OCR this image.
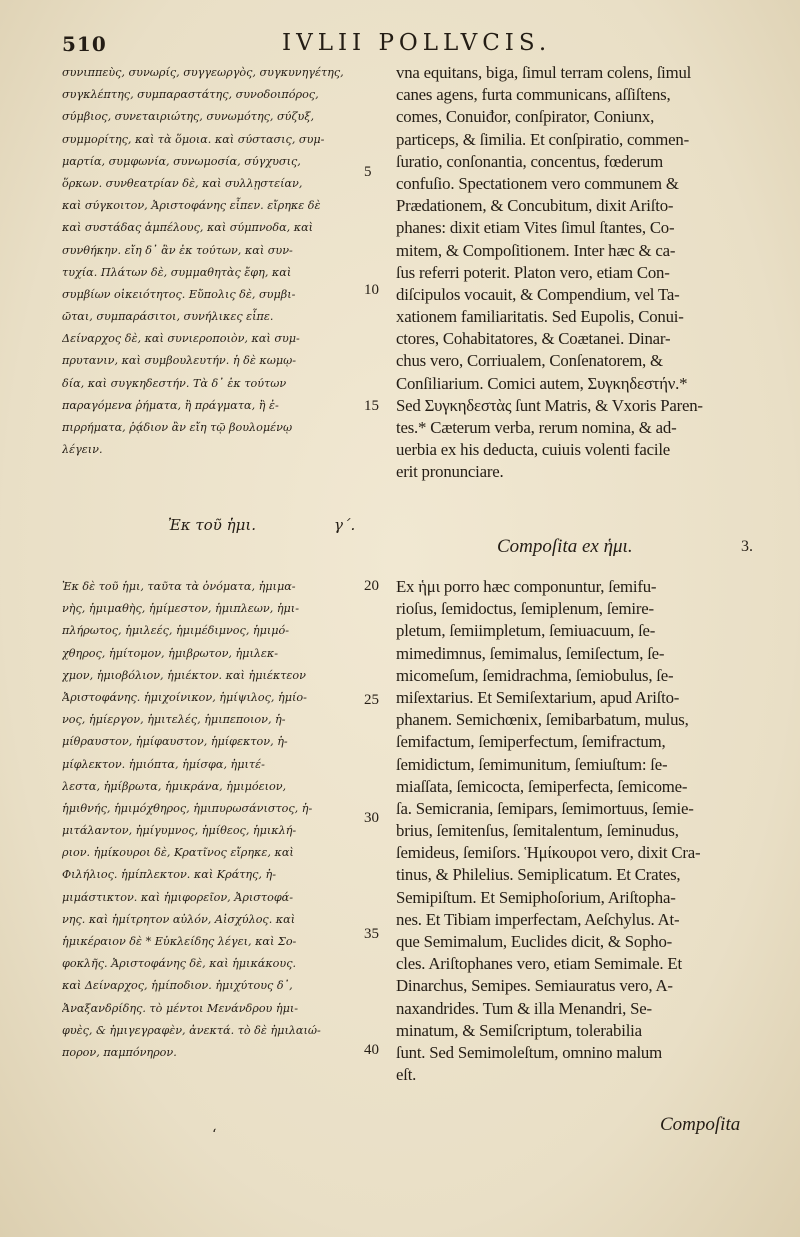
510	IVLII POLLVCIS.
συνιππεὺς, συνωρίς, συγγεωργὸς, συγκυνηγέτης,
συγκλέπτης, συμπαραστάτης, συνοδοιπόρος,
σύμβιος, συνεταιριώτης, συνωμότης, σύζυξ,
συμμορίτης, καὶ τὰ ὅμοια. καὶ σύστασις, συμ-
μαρτία, συμφωνία, συνωμοσία, σύγχυσις,
ὅρκων. συνθεατρίαν δὲ, καὶ συλλῃστείαν,
καὶ σύγκοιτον, Ἀριστοφάνης εἶπεν. εἴρηκε δὲ
καὶ συστάδας ἀμπέλους, καὶ σύμπνοδα, καὶ
συνθήκην. εἴη δ᾽ ἂν ἐκ τούτων, καὶ συν-
τυχία. Πλάτων δὲ, συμμαθητὰς ἔφη, καὶ
συμβίων οἰκειότητος. Εὔπολις δὲ, συμβι-
ῶται, συμπαράσιτοι, συνήλικες εἶπε.
Δείναρχος δὲ, καὶ συνιεροποιὸν, καὶ συμ-
πρυτανιν, καὶ συμβουλευτήν. ἡ δὲ κωμῳ-
δία, καὶ συγκηδεστήν. Τὰ δ᾽ ἐκ τούτων
παραγόμενα ῥήματα, ἢ πράγματα, ἢ ἐ-
πιρρήματα, ῥᾴδιον ἂν εἴη τῷ βουλομένῳ
λέγειν.
vna equitans, biga, ſimul terram colens, ſimul
canes agens, furta communicans, aſſiſtens,
comes, Conuiđor, conſpirator, Coniunx,
particeps, & ſimilia. Et conſpiratio, commen-
ſuratio, conſonantia, concentus, fœderum
confuſio. Spectationem vero communem &
Prædationem, & Concubitum, dixit Ariſto-
phanes: dixit etiam Vites ſimul ſtantes, Co-
mitem, & Compoſitionem. Inter hæc & ca-
ſus referri poterit. Platon vero, etiam Con-
diſcipulos vocauit, & Compendium, vel Ta-
xationem familiaritatis. Sed Eupolis, Conui-
ctores, Cohabitatores, & Coætanei. Dinar-
chus vero, Corriualem, Conſenatorem, &
Conſiliarium. Comici autem, Συγκηδεστήν.*
Sed Συγκηδεστὰς ſunt Matris, & Vxoris Paren-
tes.* Cæterum verba, rerum nomina, & ad-
uerbia ex his deducta, cuiuis volenti facile
erit pronunciare.
5
10
15
20
25
30
35
40
Ἐκ τοῦ ἡμι.	γ´.
Compoſita ex ἡμι.	3.
Ἐκ δὲ τοῦ ἡμι, ταῦτα τὰ ὀνόματα, ἡμιμα-
νὴς, ἡμιμαθὴς, ἡμίμεστον, ἡμιπλεων, ἡμι-
πλήρωτος, ἡμιλεές, ἡμιμέδιμνος, ἡμιμό-
χθηρος, ἡμίτομον, ἡμιβρωτον, ἡμιλεκ-
χμον, ἡμιοβόλιον, ἡμιέκτον. καὶ ἡμιέκτεον
Ἀριστοφάνης. ἡμιχοίνικον, ἡμίψιλος, ἡμίο-
νος, ἡμίεργον, ἡμιτελές, ἡμιπεποιον, ἡ-
μίθραυστον, ἡμίφαυστον, ἡμίφεκτον, ἡ-
μίφλεκτον. ἡμιόπτα, ἡμίσφα, ἡμιτέ-
λεστα, ἡμίβρωτα, ἡμικράνα, ἡμιμόειον,
ἡμιθνής, ἡμιμόχθηρος, ἡμιπυρωσάνιστος, ἡ-
μιτάλαντον, ἡμίγυμνος, ἡμίθεος, ἡμικλή-
ριον. ἡμίκουροι δὲ, Κρατῖνος εἴρηκε, καὶ
Φιλήλιος. ἡμίπλεκτον. καὶ Κράτης, ἡ-
μιμάστικτον. καὶ ἡμιφορεῖον, Ἀριστοφά-
νης. καὶ ἡμίτρητον αὐλόν, Αἰσχύλος. καὶ
ἡμικέραιον δὲ * Εὐκλείδης λέγει, καὶ Σο-
φοκλῆς. Ἀριστοφάνης δὲ, καὶ ἡμικάκους.
καὶ Δείναρχος, ἡμίποδιον. ἡμιχύτους δ᾽,
Ἀναξανδρίδης. τὸ μέντοι Μενάνδρου ἡμι-
φυὲς, & ἡμιγεγραφὲν, ἀνεκτά. τὸ δὲ ἡμιλαιώ-
πορον, παμπόνηρον.
Ex ἡμι porro hæc componuntur, ſemifu-
rioſus, ſemidoctus, ſemiplenum, ſemire-
pletum, ſemiimpletum, ſemiuacuum, ſe-
mimedimnus, ſemimalus, ſemiſectum, ſe-
micomeſum, ſemidrachma, ſemiobulus, ſe-
miſextarius. Et Semiſextarium, apud Ariſto-
phanem. Semichœnix, ſemibarbatum, mulus,
ſemifactum, ſemiperfectum, ſemifractum,
ſemidictum, ſemimunitum, ſemiuſtum: ſe-
miaſſata, ſemicocta, ſemiperfecta, ſemicome-
ſa. Semicrania, ſemipars, ſemimortuus, ſemie-
brius, ſemitenſus, ſemitalentum, ſeminudus,
ſemideus, ſemiſors. Ἡμίκουροι vero, dixit Cra-
tinus, & Philelius. Semiplicatum. Et Crates,
Semipiſtum. Et Semiphoſorium, Ariſtopha-
nes. Et Tibiam imperfectam, Aeſchylus. At-
que Semimalum, Euclides dicit, & Sopho-
cles. Ariſtophanes vero, etiam Semimale. Et
Dinarchus, Semipes. Semiauratus vero, A-
naxandrides. Tum & illa Menandri, Se-
minatum, & Semiſcriptum, tolerabilia
ſunt. Sed Semimoleſtum, omnino malum
eſt.
Compoſita
‘
